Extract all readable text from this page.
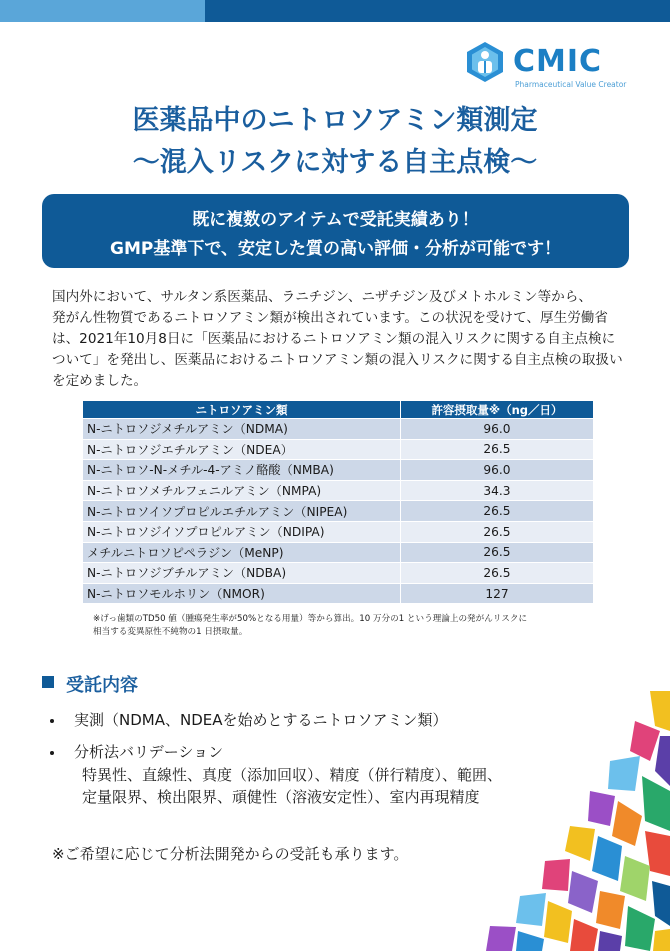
CMIC
Pharmaceutical Value Creator
医薬品中のニトロソアミン類測定
～混入リスクに対する自主点検～
既に複数のアイテムで受託実績あり！
GMP基準下で、安定した質の高い評価・分析が可能です！
国内外において、サルタン系医薬品、ラニチジン、ニザチジン及びメトホルミン等から、
発がん性物質であるニトロソアミン類が検出されています。この状況を受けて、厚生労働省
は、2021年10月8日に「医薬品におけるニトロソアミン類の混入リスクに関する自主点検に
ついて」を発出し、医薬品におけるニトロソアミン類の混入リスクに関する自主点検の取扱い
を定めました。
ニトロソアミン類	許容摂取量※（ng／日）
N-ニトロソジメチルアミン（NDMA)	96.0
N-ニトロソジエチルアミン（NDEA）	26.5
N-ニトロソ-N-メチル-4-アミノ酪酸（NMBA)	96.0
N-ニトロソメチルフェニルアミン（NMPA)	34.3
N-ニトロソイソプロピルエチルアミン（NIPEA)	26.5
N-ニトロソジイソプロピルアミン（NDIPA)	26.5
メチルニトロソピペラジン（MeNP)	26.5
N-ニトロソジブチルアミン（NDBA)	26.5
N-ニトロソモルホリン（NMOR)	127
※げっ歯類のTD50 値（腫瘍発生率が50%となる用量）等から算出。10 万分の1 という理論上の発がんリスクに
相当する変異原性不純物の1 日摂取量。
受託内容
実測（NDMA、NDEAを始めとするニトロソアミン類）
分析法バリデーション
特異性、直線性、真度（添加回収）、精度（併行精度）、範囲、
定量限界、検出限界、頑健性（溶液安定性）、室内再現精度
※ご希望に応じて分析法開発からの受託も承ります。
